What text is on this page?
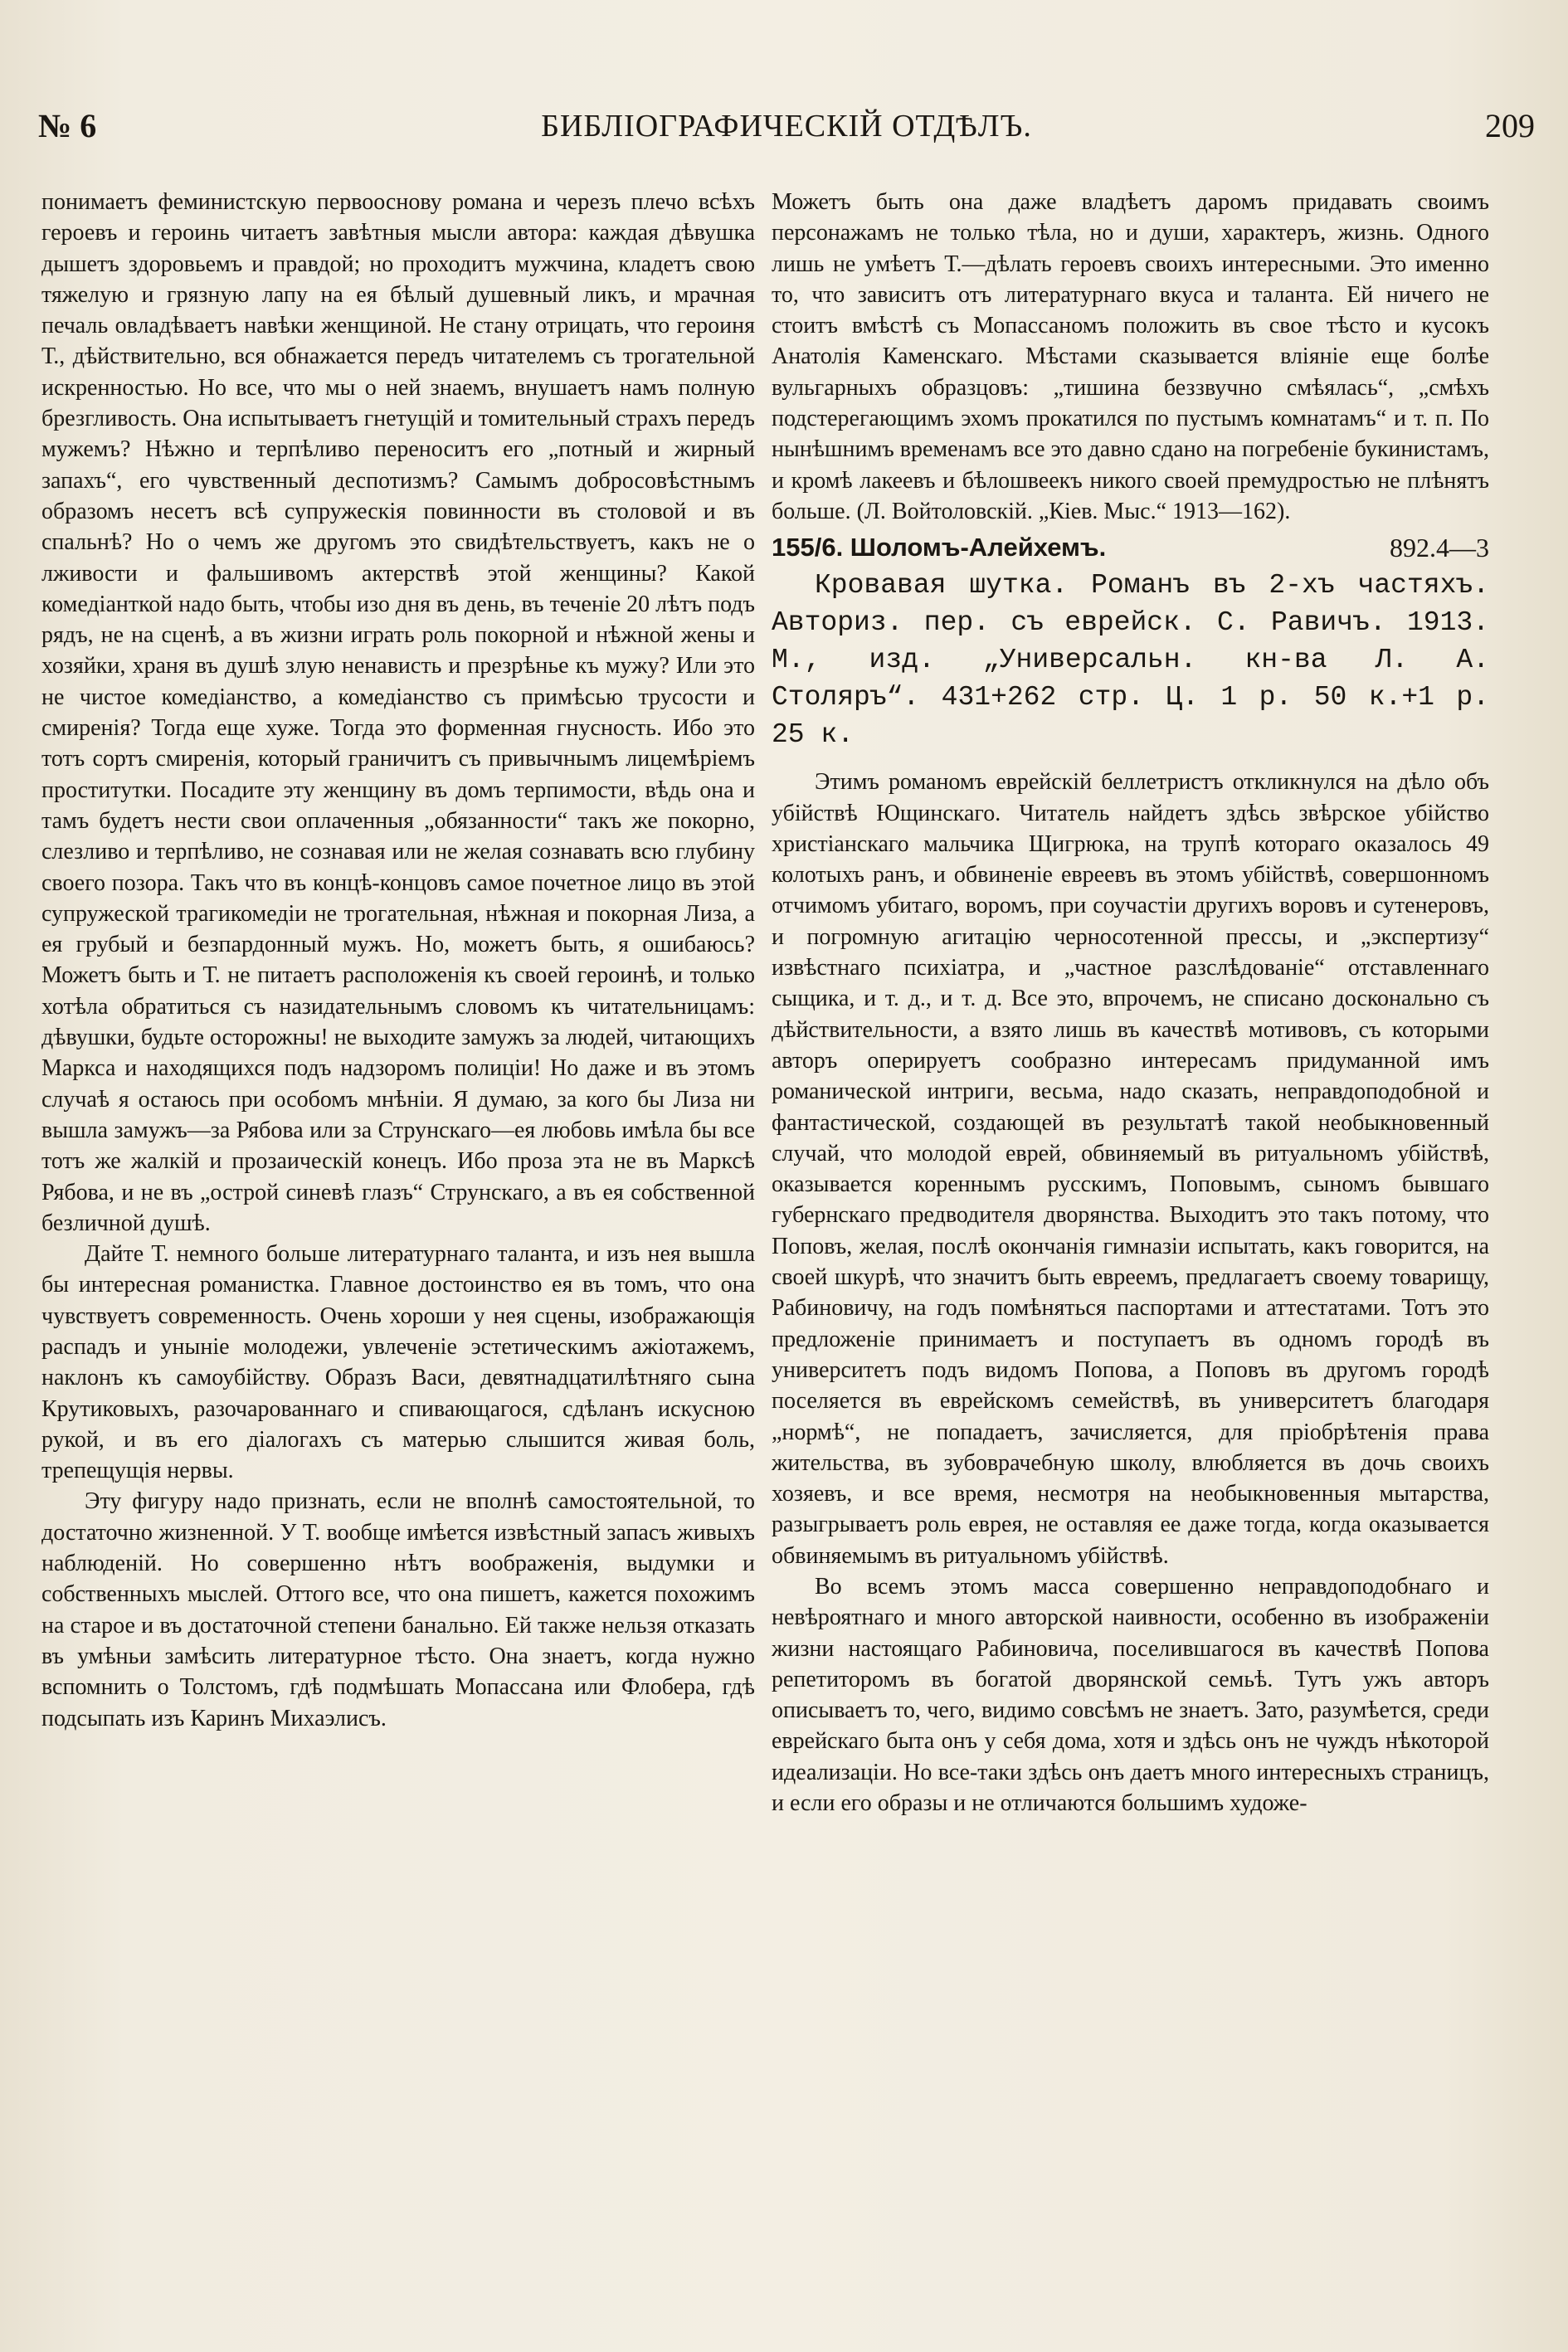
№ 6	БИБЛІОГРАФИЧЕСКІЙ ОТДѢЛЪ.	209

понимаетъ феминистскую первооснову романа и черезъ плечо всѣхъ героевъ и героинь читаетъ завѣтныя мысли автора: каждая дѣвушка дышетъ здоровьемъ и правдой; но проходитъ мужчина, кладетъ свою тяжелую и грязную лапу на ея бѣлый душевный ликъ, и мрачная печаль овладѣваетъ навѣки женщиной. Не стану отрицать, что героиня Т., дѣйствительно, вся обнажается передъ читателемъ съ трогательной искренностью. Но все, что мы о ней знаемъ, внушаетъ намъ полную брезгливость. Она испытываетъ гнетущій и томительный страхъ передъ мужемъ? Нѣжно и терпѣливо переноситъ его „потный и жирный запахъ“, его чувственный деспотизмъ? Самымъ добросовѣстнымъ образомъ несетъ всѣ супружескія повинности въ столовой и въ спальнѣ? Но о чемъ же другомъ это свидѣтельствуетъ, какъ не о лживости и фальшивомъ актерствѣ этой женщины? Какой комедіанткой надо быть, чтобы изо дня въ день, въ теченіе 20 лѣтъ подъ рядъ, не на сценѣ, а въ жизни играть роль покорной и нѣжной жены и хозяйки, храня въ душѣ злую ненависть и презрѣнье къ мужу? Или это не чистое комедіанство, а комедіанство съ примѣсью трусости и смиренія? Тогда еще хуже. Тогда это форменная гнусность. Ибо это тотъ сортъ смиренія, который граничитъ съ привычнымъ лицемѣріемъ проститутки. Посадите эту женщину въ домъ терпимости, вѣдь она и тамъ будетъ нести свои оплаченныя „обязанности“ такъ же покорно, слезливо и терпѣливо, не сознавая или не желая сознавать всю глубину своего позора. Такъ что въ концѣ-концовъ самое почетное лицо въ этой супружеской трагикомедіи не трогательная, нѣжная и покорная Лиза, а ея грубый и безпардонный мужъ. Но, можетъ быть, я ошибаюсь? Можетъ быть и Т. не питаетъ расположенія къ своей героинѣ, и только хотѣла обратиться съ назидательнымъ словомъ къ читательницамъ: дѣвушки, будьте осторожны! не выходите замужъ за людей, читающихъ Маркса и находящихся подъ надзоромъ полиціи! Но даже и въ этомъ случаѣ я остаюсь при особомъ мнѣніи. Я думаю, за кого бы Лиза ни вышла замужъ—за Рябова или за Струнскаго—ея любовь имѣла бы все тотъ же жалкій и прозаическій конецъ. Ибо проза эта не въ Марксѣ Рябова, и не въ „острой синевѣ глазъ“ Струнскаго, а въ ея собственной безличной душѣ.

Дайте Т. немного больше литературнаго таланта, и изъ нея вышла бы интересная романистка. Главное достоинство ея въ томъ, что она чувствуетъ современность. Очень хороши у нея сцены, изображающія распадъ и уныніе молодежи, увлеченіе эстетическимъ ажіотажемъ, наклонъ къ самоубійству. Образъ Васи, девятнадцатилѣтняго сына Крутиковыхъ, разочарованнаго и спивающагося, сдѣланъ искусною рукой, и въ его діалогахъ съ матерью слышится живая боль, трепещущія нервы.

Эту фигуру надо признать, если не вполнѣ самостоятельной, то достаточно жизненной. У Т. вообще имѣется извѣстный запасъ живыхъ наблюденій. Но совершенно нѣтъ воображенія, выдумки и собственныхъ мыслей. Оттого все, что она пишетъ, кажется похожимъ на старое и въ достаточной степени банально. Ей также нельзя отказать въ умѣньи замѣсить литературное тѣсто. Она знаетъ, когда нужно вспомнить о Толстомъ, гдѣ подмѣшать Мопассана или Флобера, гдѣ подсыпать изъ Каринъ Михаэлисъ.

Можетъ быть она даже владѣетъ даромъ придавать своимъ персонажамъ не только тѣла, но и души, характеръ, жизнь. Одного лишь не умѣетъ Т.—дѣлать героевъ своихъ интересными. Это именно то, что зависитъ отъ литературнаго вкуса и таланта. Ей ничего не стоитъ вмѣстѣ съ Мопассаномъ положить въ свое тѣсто и кусокъ Анатолія Каменскаго. Мѣстами сказывается вліяніе еще болѣе вульгарныхъ образцовъ: „тишина беззвучно смѣялась“, „смѣхъ подстерегающимъ эхомъ прокатился по пустымъ комнатамъ“ и т. п. По нынѣшнимъ временамъ все это давно сдано на погребеніе букинистамъ, и кромѣ лакеевъ и бѣлошвеекъ никого своей премудростью не плѣнятъ больше. (Л. Войтоловскій. „Кіев. Мыс.“ 1913—162).

155/6. Шоломъ-Алейхемъ.	892.4—3

Кровавая шутка. Романъ въ 2-хъ частяхъ. Авториз. пер. съ еврейск. С. Равичъ. 1913. М., изд. „Универсальн. кн-ва Л. А. Столяръ“. 431+262 стр. Ц. 1 р. 50 к.+1 р. 25 к.

Этимъ романомъ еврейскій беллетристъ откликнулся на дѣло объ убійствѣ Ющинскаго. Читатель найдетъ здѣсь звѣрское убійство христіанскаго мальчика Щигрюка, на трупѣ котораго оказалось 49 колотыхъ ранъ, и обвиненіе евреевъ въ этомъ убійствѣ, совершонномъ отчимомъ убитаго, воромъ, при соучастіи другихъ воровъ и сутенеровъ, и погромную агитацію черносотенной прессы, и „экспертизу“ извѣстнаго психіатра, и „частное разслѣдованіе“ отставленнаго сыщика, и т. д., и т. д. Все это, впрочемъ, не списано досконально съ дѣйствительности, а взято лишь въ качествѣ мотивовъ, съ которыми авторъ оперируетъ сообразно интересамъ придуманной имъ романической интриги, весьма, надо сказать, неправдоподобной и фантастической, создающей въ результатѣ такой необыкновенный случай, что молодой еврей, обвиняемый въ ритуальномъ убійствѣ, оказывается кореннымъ русскимъ, Поповымъ, сыномъ бывшаго губернскаго предводителя дворянства. Выходитъ это такъ потому, что Поповъ, желая, послѣ окончанія гимназіи испытать, какъ говорится, на своей шкурѣ, что значитъ быть евреемъ, предлагаетъ своему товарищу, Рабиновичу, на годъ помѣняться паспортами и аттестатами. Тотъ это предложеніе принимаетъ и поступаетъ въ одномъ городѣ въ университетъ подъ видомъ Попова, а Поповъ въ другомъ городѣ поселяется въ еврейскомъ семействѣ, въ университетъ благодаря „нормѣ“, не попадаетъ, зачисляется, для пріобрѣтенія права жительства, въ зубоврачебную школу, влюбляется въ дочь своихъ хозяевъ, и все время, несмотря на необыкновенныя мытарства, разыгрываетъ роль еврея, не оставляя ее даже тогда, когда оказывается обвиняемымъ въ ритуальномъ убійствѣ.

Во всемъ этомъ масса совершенно неправдоподобнаго и невѣроятнаго и много авторской наивности, особенно въ изображеніи жизни настоящаго Рабиновича, поселившагося въ качествѣ Попова репетиторомъ въ богатой дворянской семьѣ. Тутъ ужъ авторъ описываетъ то, чего, видимо совсѣмъ не знаетъ. Зато, разумѣется, среди еврейскаго быта онъ у себя дома, хотя и здѣсь онъ не чуждъ нѣкоторой идеализаціи. Но все-таки здѣсь онъ даетъ много интересныхъ страницъ, и если его образы и не отличаются большимъ художе-
